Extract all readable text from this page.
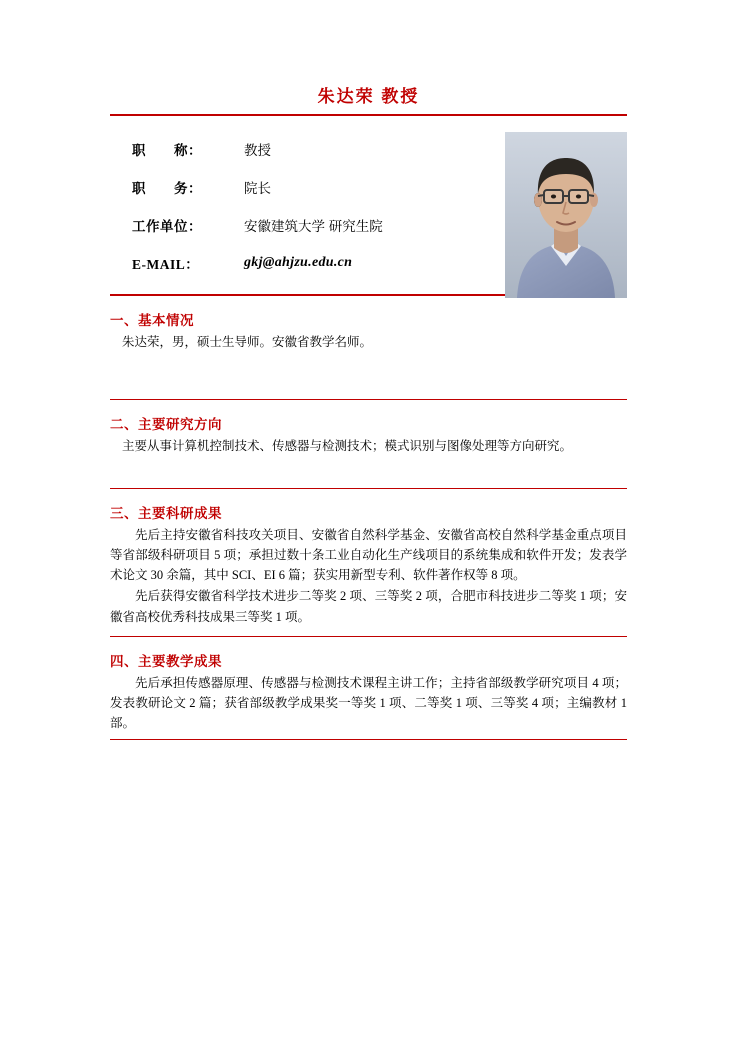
朱达荣 教授
职　　称：	教授
职　　务：	院长
工作单位：	安徽建筑大学 研究生院
E-MAIL：	gkj@ahjzu.edu.cn
一、基本情况

朱达荣，男，硕士生导师。安徽省教学名师。

二、主要研究方向

主要从事计算机控制技术、传感器与检测技术；模式识别与图像处理等方向研究。

三、主要科研成果

先后主持安徽省科技攻关项目、安徽省自然科学基金、安徽省高校自然科学基金重点项目等省部级科研项目 5 项；承担过数十条工业自动化生产线项目的系统集成和软件开发；发表学术论文 30 余篇，其中 SCI、EI 6 篇；获实用新型专利、软件著作权等 8 项。

先后获得安徽省科学技术进步二等奖 2 项、三等奖 2 项，合肥市科技进步二等奖 1 项；安徽省高校优秀科技成果三等奖 1 项。

四、主要教学成果

先后承担传感器原理、传感器与检测技术课程主讲工作；主持省部级教学研究项目 4 项；发表教研论文 2 篇；获省部级教学成果奖一等奖 1 项、二等奖 1 项、三等奖 4 项；主编教材 1 部。
